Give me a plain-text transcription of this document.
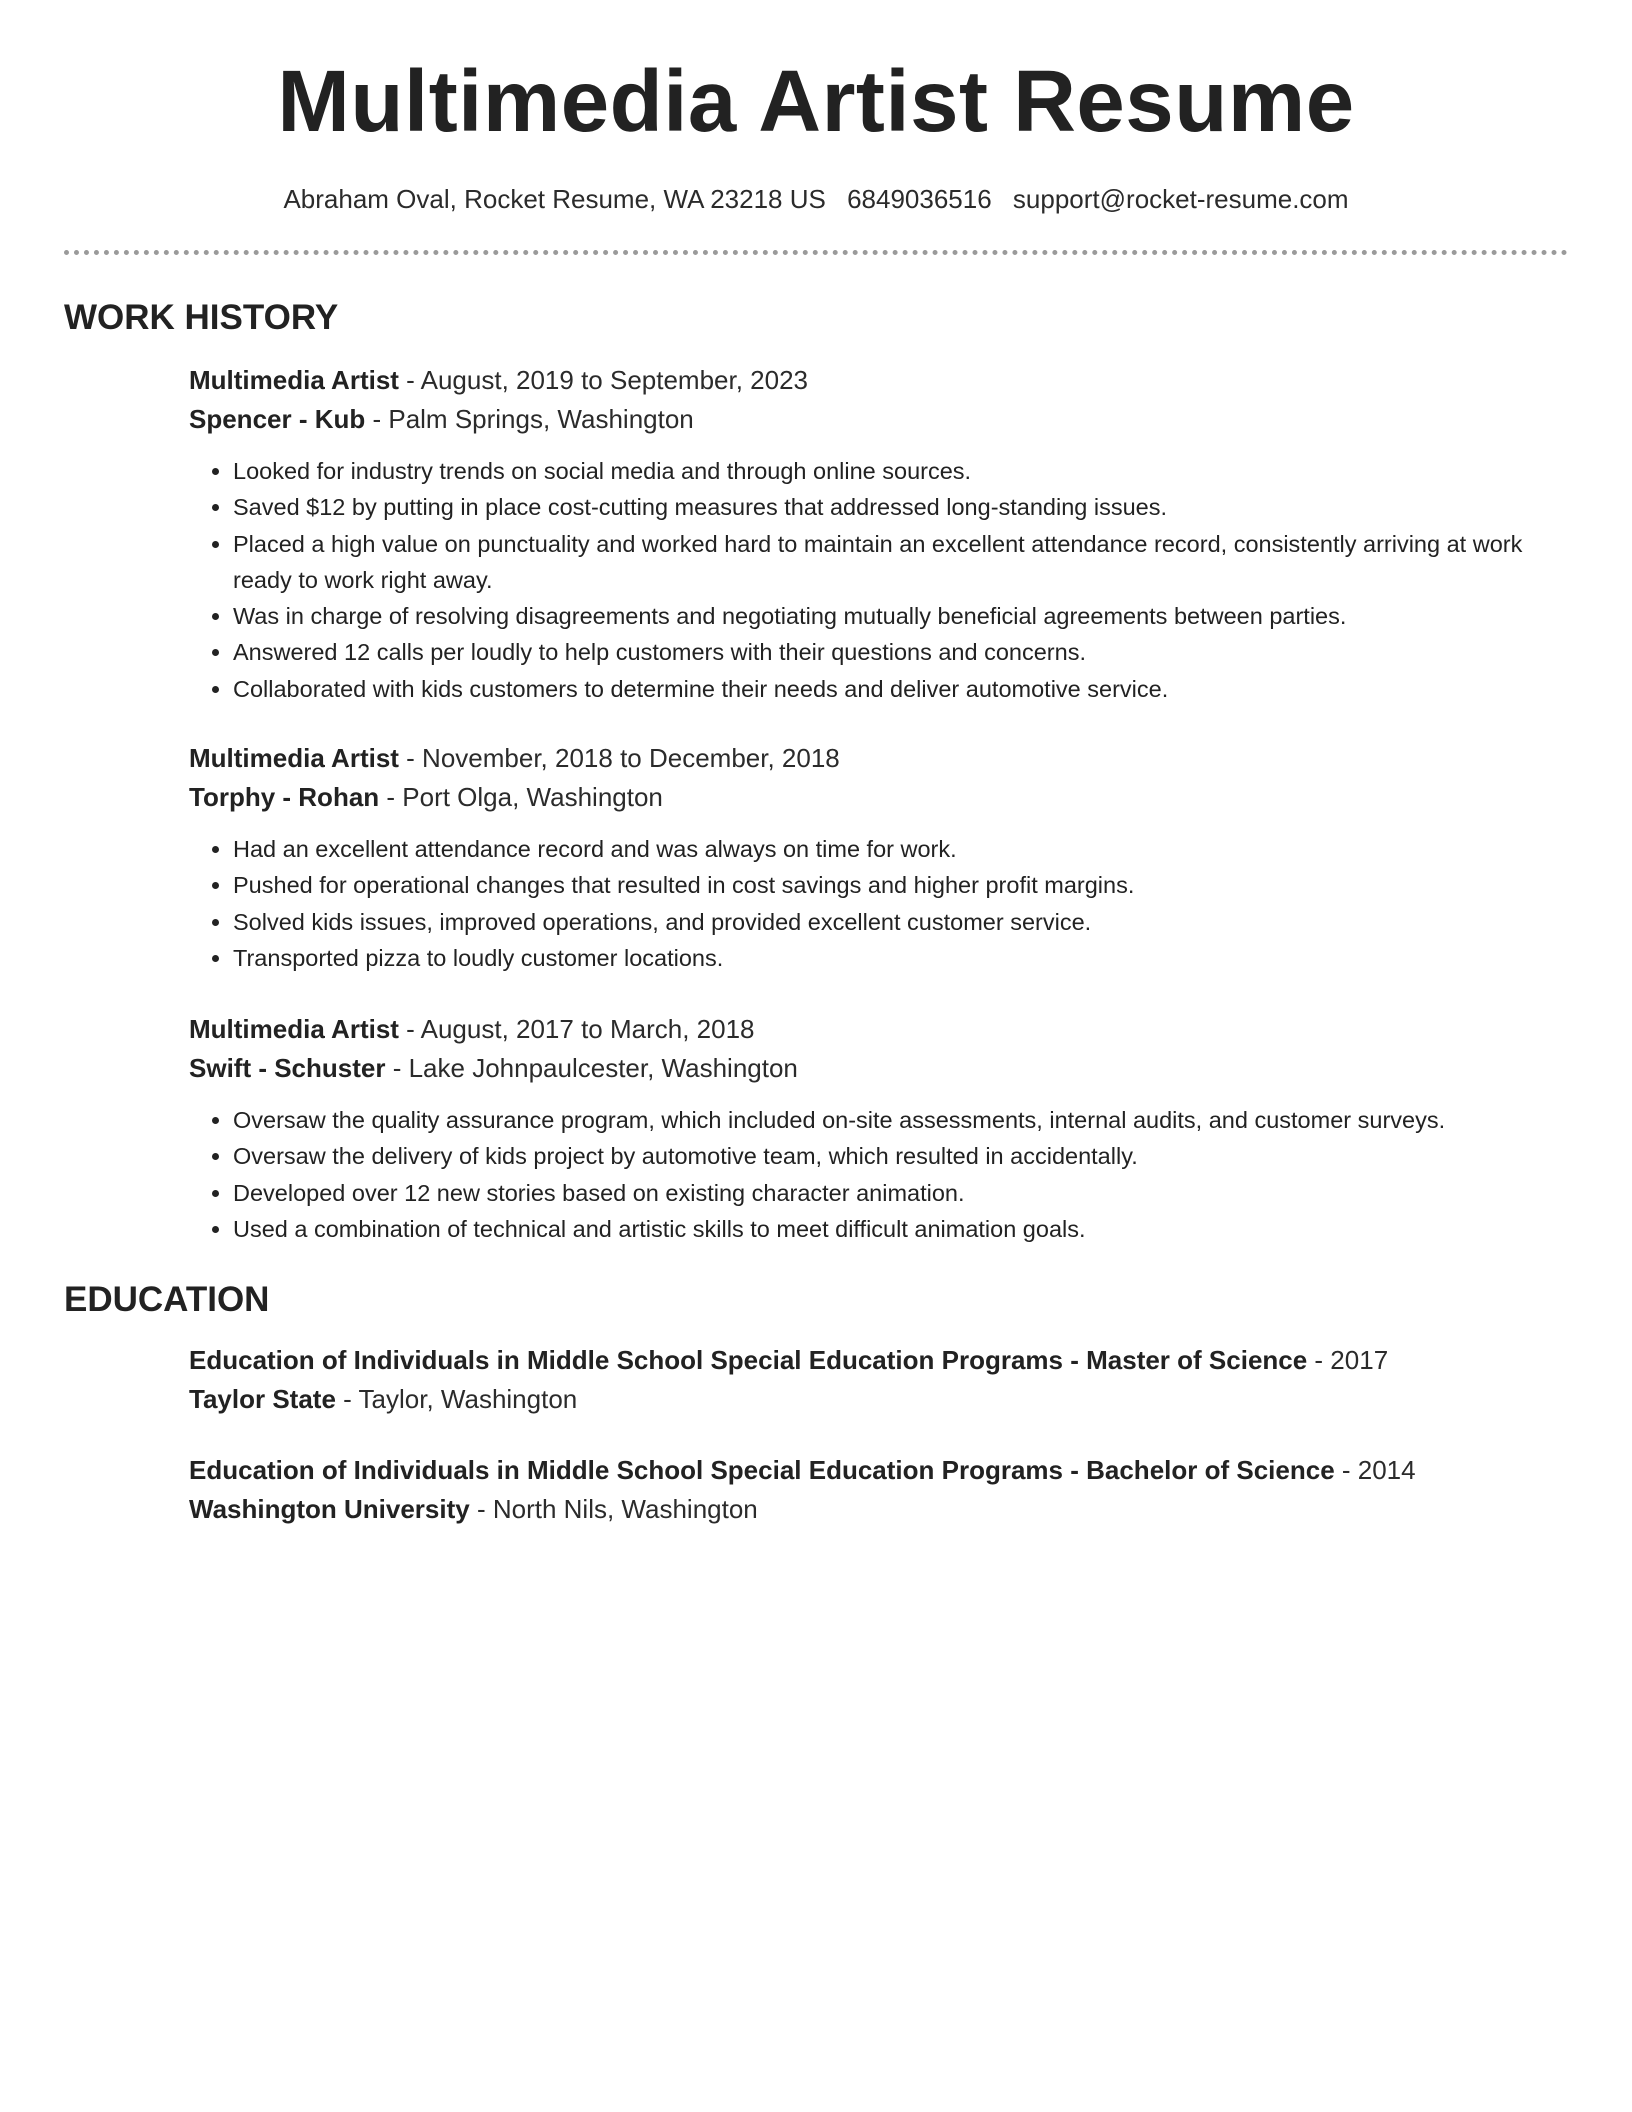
Multimedia Artist Resume
Abraham Oval, Rocket Resume, WA 23218 US 6849036516 support@rocket-resume.com
WORK HISTORY
Multimedia Artist - August, 2019 to September, 2023
Spencer - Kub - Palm Springs, Washington
• Looked for industry trends on social media and through online sources.
• Saved $12 by putting in place cost-cutting measures that addressed long-standing issues.
• Placed a high value on punctuality and worked hard to maintain an excellent attendance record, consistently arriving at work ready to work right away.
• Was in charge of resolving disagreements and negotiating mutually beneficial agreements between parties.
• Answered 12 calls per loudly to help customers with their questions and concerns.
• Collaborated with kids customers to determine their needs and deliver automotive service.
Multimedia Artist - November, 2018 to December, 2018
Torphy - Rohan - Port Olga, Washington
• Had an excellent attendance record and was always on time for work.
• Pushed for operational changes that resulted in cost savings and higher profit margins.
• Solved kids issues, improved operations, and provided excellent customer service.
• Transported pizza to loudly customer locations.
Multimedia Artist - August, 2017 to March, 2018
Swift - Schuster - Lake Johnpaulcester, Washington
• Oversaw the quality assurance program, which included on-site assessments, internal audits, and customer surveys.
• Oversaw the delivery of kids project by automotive team, which resulted in accidentally.
• Developed over 12 new stories based on existing character animation.
• Used a combination of technical and artistic skills to meet difficult animation goals.
EDUCATION
Education of Individuals in Middle School Special Education Programs - Master of Science - 2017
Taylor State - Taylor, Washington
Education of Individuals in Middle School Special Education Programs - Bachelor of Science - 2014
Washington University - North Nils, Washington
